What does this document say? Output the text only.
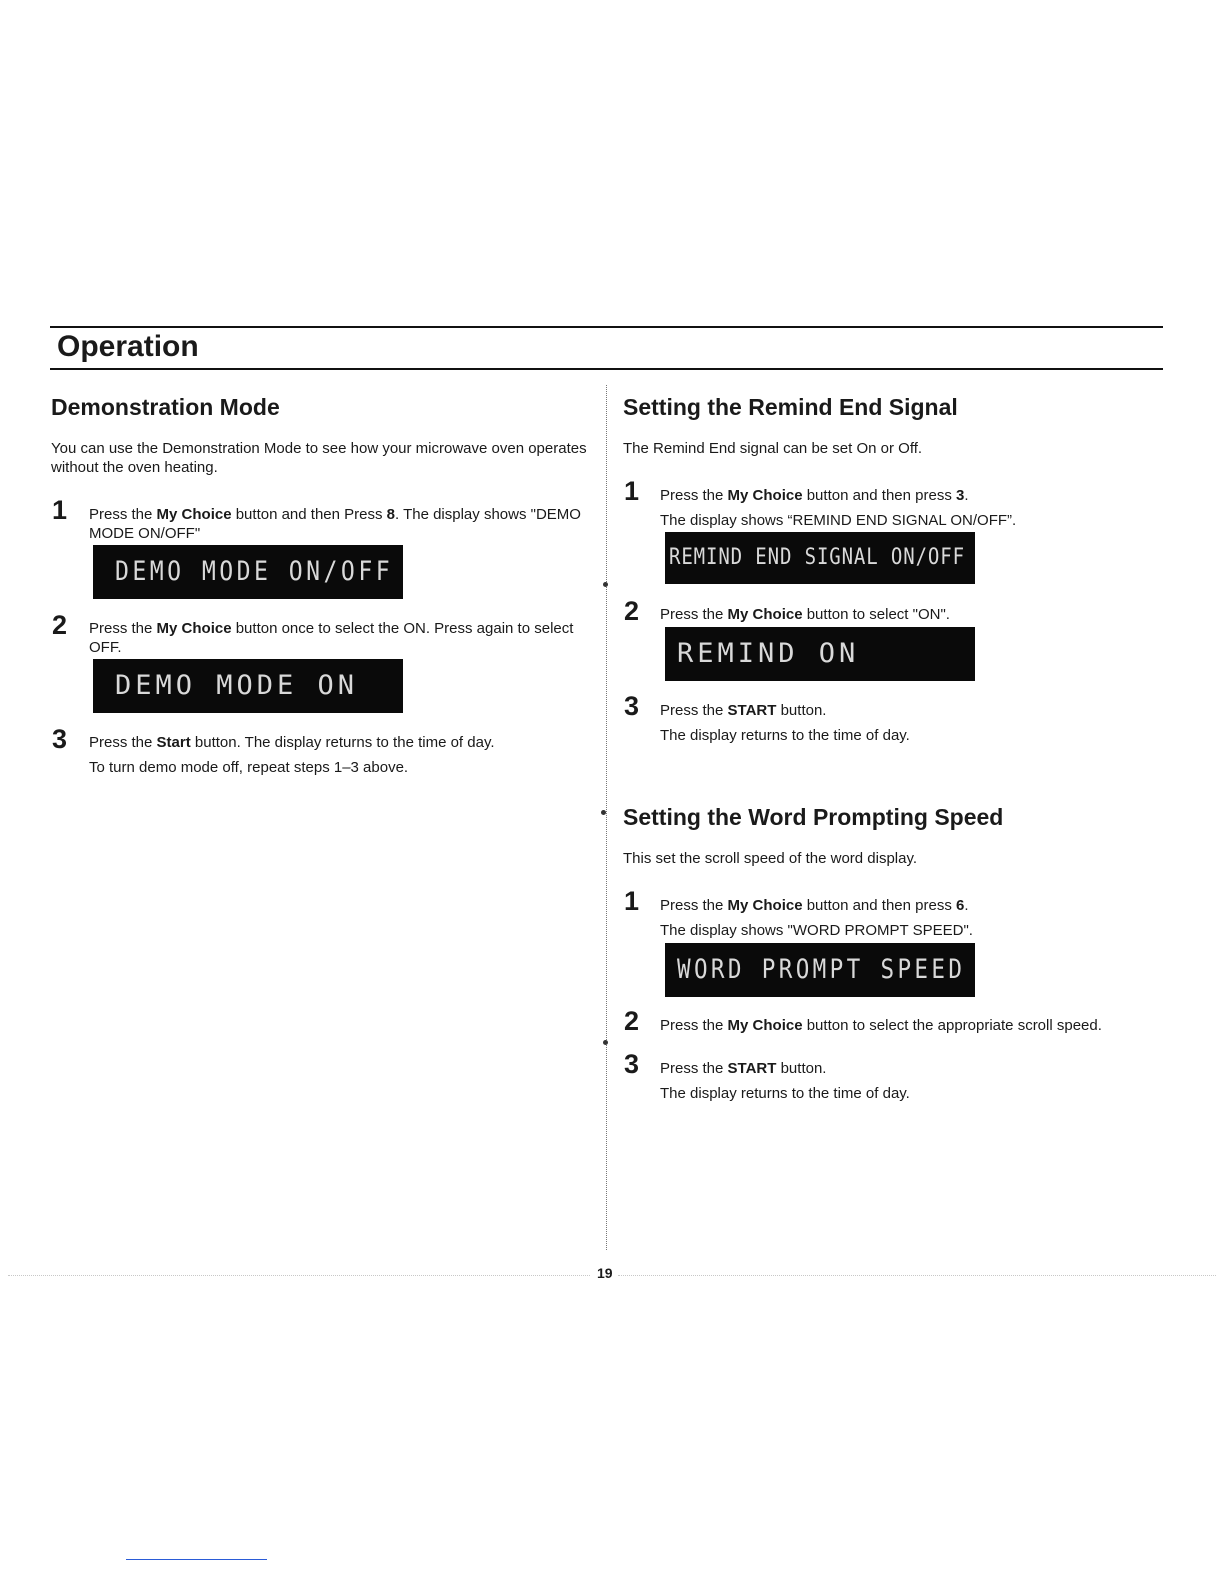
Operation
Demonstration Mode

You can use the Demonstration Mode to see how your microwave oven operates without the oven heating.

1 Press the My Choice button and then Press 8. The display shows "DEMO MODE ON/OFF"

DEMO MODE ON/OFF
2 Press the My Choice button once to select the ON. Press again to select OFF.

DEMO MODE ON
3 Press the Start button. The display returns to the time of day.

To turn demo mode off, repeat steps 1–3 above.

Setting the Remind End Signal

The Remind End signal can be set On or Off.

1 Press the My Choice button and then press 3.

The display shows “REMIND END SIGNAL ON/OFF”.

REMIND END SIGNAL ON/OFF
2 Press the My Choice button to select "ON".

REMIND ON
3 Press the START button.

The display returns to the time of day.

Setting the Word Prompting Speed

This set the scroll speed of the word display.

1 Press the My Choice button and then press 6.

The display shows "WORD PROMPT SPEED".

WORD PROMPT SPEED
2 Press the My Choice button to select the appropriate scroll speed.

3 Press the START button.

The display returns to the time of day.

19
